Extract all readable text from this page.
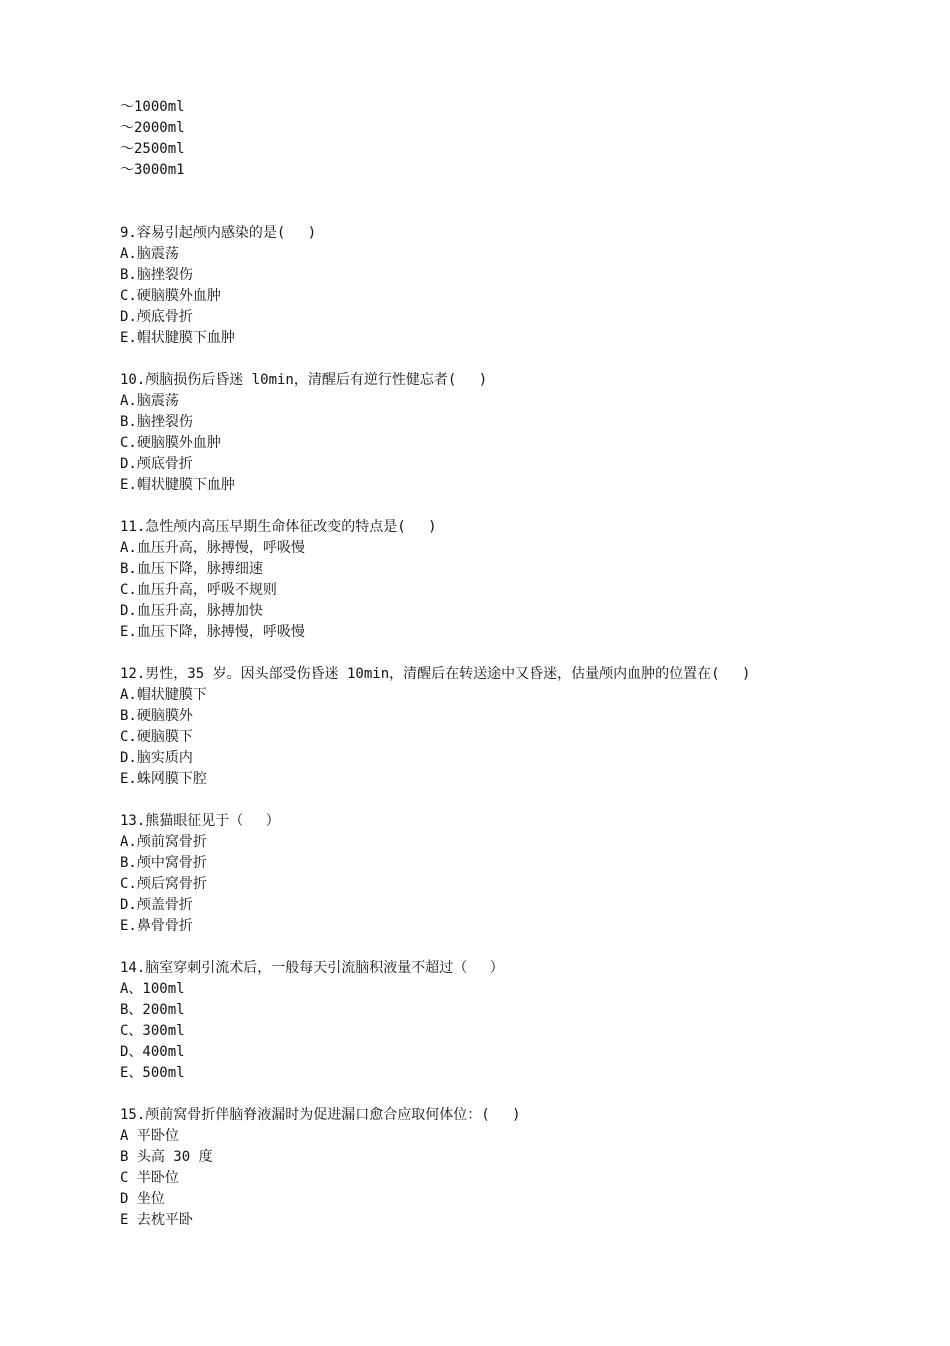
～1000ml
～2000ml
～2500ml
～3000m1
9.容易引起颅内感染的是(　 )
A.脑震荡
B.脑挫裂伤
C.硬脑膜外血肿
D.颅底骨折
E.帽状腱膜下血肿
10.颅脑损伤后昏迷 l0min，清醒后有逆行性健忘者(　 )
A.脑震荡
B.脑挫裂伤
C.硬脑膜外血肿
D.颅底骨折
E.帽状腱膜下血肿
11.急性颅内高压早期生命体征改变的特点是(　 )
A.血压升高，脉搏慢，呼吸慢
B.血压下降，脉搏细速
C.血压升高，呼吸不规则
D.血压升高，脉搏加快
E.血压下降，脉搏慢，呼吸慢
12.男性，35 岁。因头部受伤昏迷 10min，清醒后在转送途中又昏迷，估量颅内血肿的位置在(　 )
A.帽状腱膜下
B.硬脑膜外
C.硬脑膜下
D.脑实质内
E.蛛网膜下腔
13.熊猫眼征见于（　 ）
A.颅前窝骨折
B.颅中窝骨折
C.颅后窝骨折
D.颅盖骨折
E.鼻骨骨折
14.脑室穿刺引流术后，一般每天引流脑积液量不超过（　 ）
A、100ml
B、200ml
C、300ml
D、400ml
E、500ml
15.颅前窝骨折伴脑脊液漏时为促进漏口愈合应取何体位：(　 )
A 平卧位
B 头高 30 度
C 半卧位
D 坐位
E 去枕平卧
